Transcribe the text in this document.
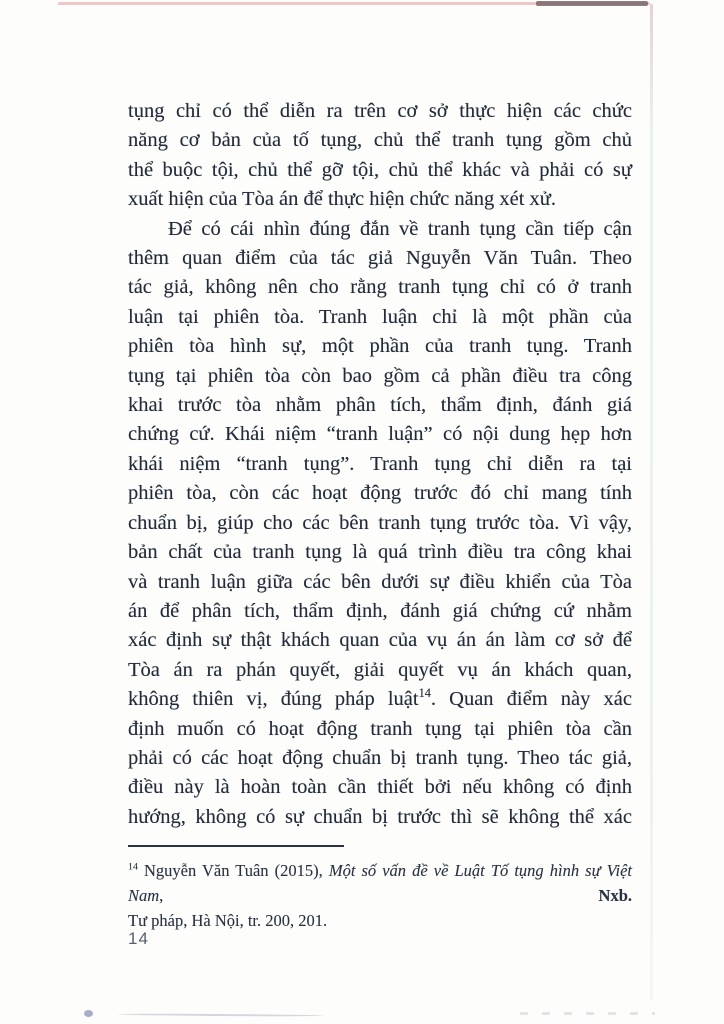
tụng chỉ có thể diễn ra trên cơ sở thực hiện các chức
năng cơ bản của tố tụng, chủ thể tranh tụng gồm chủ
thể buộc tội, chủ thể gỡ tội, chủ thể khác và phải có sự
xuất hiện của Tòa án để thực hiện chức năng xét xử.
Để có cái nhìn đúng đắn về tranh tụng cần tiếp cận
thêm quan điểm của tác giả Nguyễn Văn Tuân. Theo
tác giả, không nên cho rằng tranh tụng chỉ có ở tranh
luận tại phiên tòa. Tranh luận chỉ là một phần của
phiên tòa hình sự, một phần của tranh tụng. Tranh
tụng tại phiên tòa còn bao gồm cả phần điều tra công
khai trước tòa nhằm phân tích, thẩm định, đánh giá
chứng cứ. Khái niệm “tranh luận” có nội dung hẹp hơn
khái niệm “tranh tụng”. Tranh tụng chỉ diễn ra tại
phiên tòa, còn các hoạt động trước đó chỉ mang tính
chuẩn bị, giúp cho các bên tranh tụng trước tòa. Vì vậy,
bản chất của tranh tụng là quá trình điều tra công khai
và tranh luận giữa các bên dưới sự điều khiển của Tòa
án để phân tích, thẩm định, đánh giá chứng cứ nhằm
xác định sự thật khách quan của vụ án án làm cơ sở để
Tòa án ra phán quyết, giải quyết vụ án khách quan,
không thiên vị, đúng pháp luật$^{14}$. Quan điểm này xác
định muốn có hoạt động tranh tụng tại phiên tòa cần
phải có các hoạt động chuẩn bị tranh tụng. Theo tác giả,
điều này là hoàn toàn cần thiết bởi nếu không có định
hướng, không có sự chuẩn bị trước thì sẽ không thể xác
$^{14}$ Nguyễn Văn Tuân (2015), Một số vấn đề về Luật Tố tụng hình sự Việt Nam, Nxb.
Tư pháp, Hà Nội, tr. 200, 201.
14
